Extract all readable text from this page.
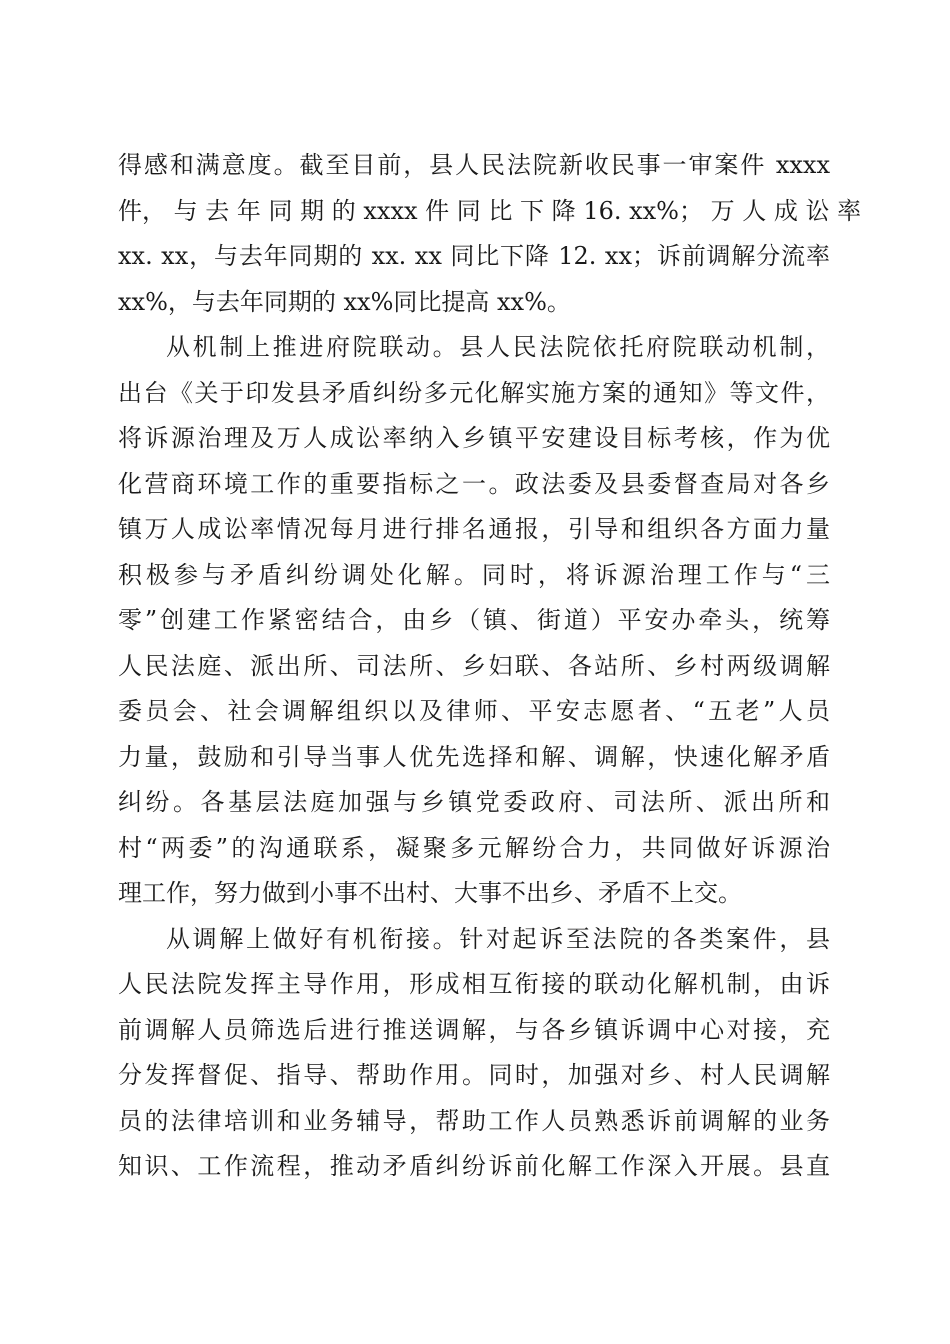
得感和满意度。截至目前，县人民法院新收民事一审案件 xxxx
件， 与 去 年 同 期 的 xxxx 件 同 比 下 降 16. xx%； 万 人 成 讼 率
xx. xx，与去年同期的 xx. xx 同比下降 12. xx；诉前调解分流率
xx%，与去年同期的 xx%同比提高 xx%。
从机制上推进府院联动。县人民法院依托府院联动机制，
出台《关于印发县矛盾纠纷多元化解实施方案的通知》等文件，
将诉源治理及万人成讼率纳入乡镇平安建设目标考核，作为优
化营商环境工作的重要指标之一。政法委及县委督查局对各乡
镇万人成讼率情况每月进行排名通报，引导和组织各方面力量
积极参与矛盾纠纷调处化解。同时，将诉源治理工作与“三
零”创建工作紧密结合，由乡（镇、街道）平安办牵头，统筹
人民法庭、派出所、司法所、乡妇联、各站所、乡村两级调解
委员会、社会调解组织以及律师、平安志愿者、“五老”人员
力量，鼓励和引导当事人优先选择和解、调解，快速化解矛盾
纠纷。各基层法庭加强与乡镇党委政府、司法所、派出所和
村“两委”的沟通联系，凝聚多元解纷合力，共同做好诉源治
理工作，努力做到小事不出村、大事不出乡、矛盾不上交。
从调解上做好有机衔接。针对起诉至法院的各类案件，县
人民法院发挥主导作用，形成相互衔接的联动化解机制，由诉
前调解人员筛选后进行推送调解，与各乡镇诉调中心对接，充
分发挥督促、指导、帮助作用。同时，加强对乡、村人民调解
员的法律培训和业务辅导，帮助工作人员熟悉诉前调解的业务
知识、工作流程，推动矛盾纠纷诉前化解工作深入开展。县直
